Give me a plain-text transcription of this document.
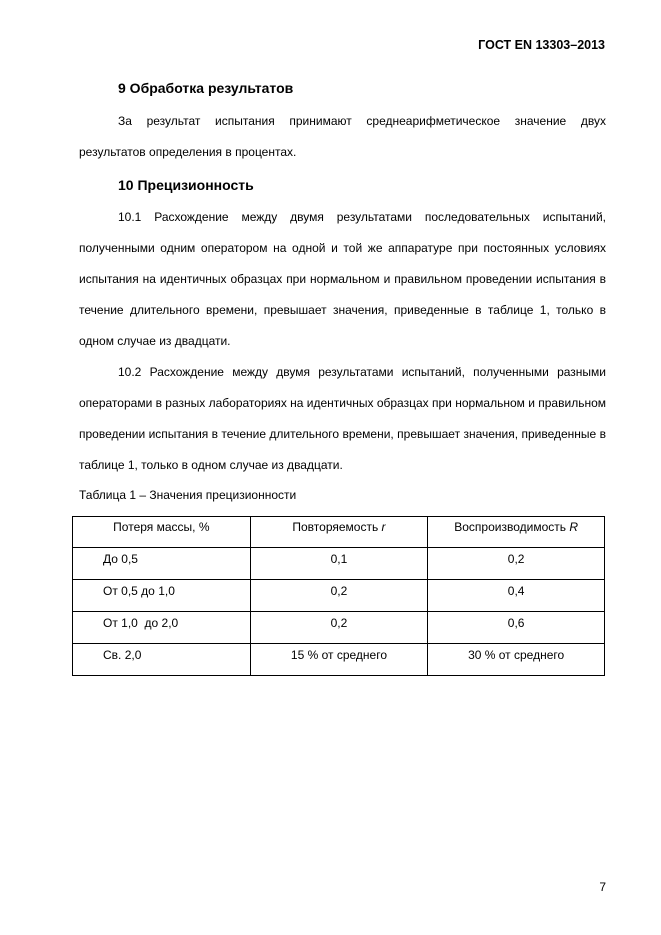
ГОСТ EN 13303–2013
9 Обработка результатов

За результат испытания принимают среднеарифметическое значение двух результатов определения в процентах.

10 Прецизионность

10.1 Расхождение между двумя результатами последовательных испытаний, полученными одним оператором на одной и той же аппаратуре при постоянных условиях испытания на идентичных образцах при нормальном и правильном проведении испытания в течение длительного времени, превышает значения, приведенные в таблице 1, только в одном случае из двадцати.

10.2 Расхождение между двумя результатами испытаний, полученными разными операторами в разных лабораториях на идентичных образцах при нормальном и правильном проведении испытания в течение длительного времени, превышает значения, приведенные в таблице 1, только в одном случае из двадцати.

Таблица 1 – Значения прецизионности
Потеря массы, %	Повторяемость r	Воспроизводимость R
До 0,5	0,1	0,2
От 0,5 до 1,0	0,2	0,4
От 1,0  до 2,0	0,2	0,6
Св. 2,0	15 % от среднего	30 % от среднего
7
